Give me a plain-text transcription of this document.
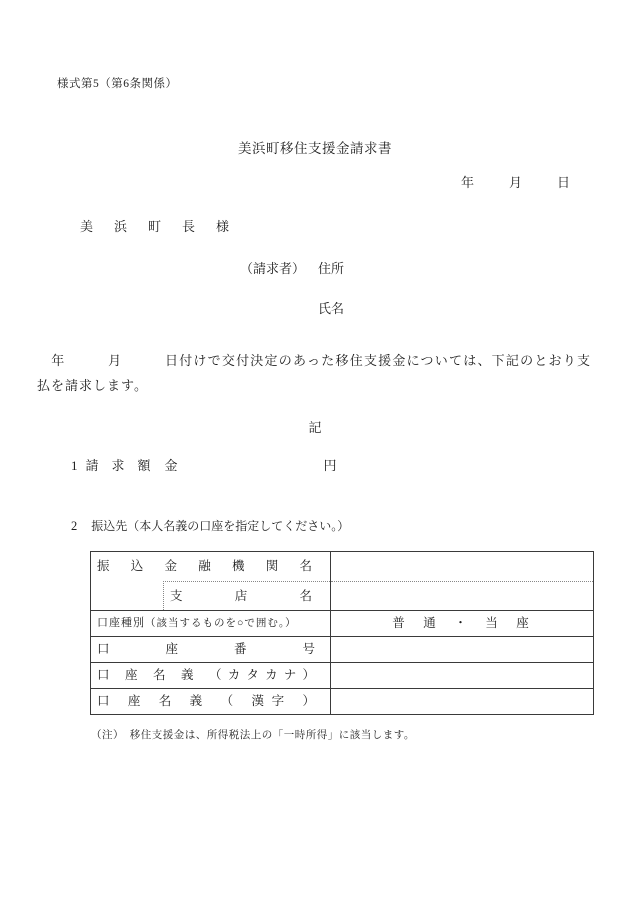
様式第5（第6条関係）
美浜町移住支援金請求書
年　　月　　日
美　浜　町　長　様
（請求者） 住所
氏名

　年　　　月　　　日付けで交付決定のあった移住支援金については、下記のとおり支払を請求します。

記
1 請　求　額 金	円
2 振込先（本人名義の口座を指定してください。）
振 込 金 融 機 関 名
支 店 名
口座種別（該当するものを○で囲む。）	普　通　・　当　座
口 座 番 号
口 座 名 義 （カタカナ）
口 座 名 義 （ 漢字 ）
（注）　移住支援金は、所得税法上の「一時所得」に該当します。
